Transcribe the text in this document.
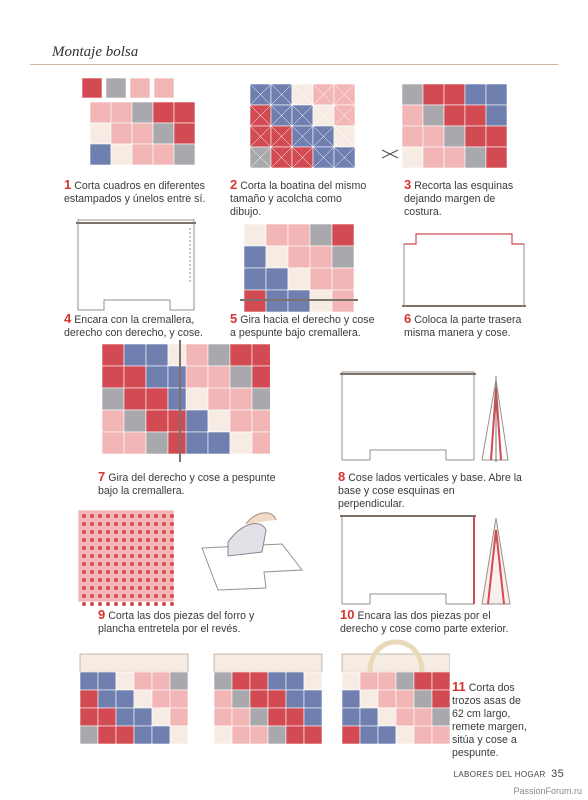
Montaje bolsa
1 Corta cuadros en diferentes estampados y únelos entre sí.
2 Corta la boatina del mismo tamaño y acolcha como dibujo.
3 Recorta las esquinas dejando margen de costura.
4 Encara con la cremallera, derecho con derecho, y cose.
5 Gira hacia el derecho y cose a pespunte bajo cremallera.
6 Coloca la parte trasera misma manera y cose.
7 Gira del derecho y cose a pespunte bajo la cremallera.
8 Cose lados verticales y base. Abre la base y cose esquinas en perpendicular.
9 Corta las dos piezas del forro y plancha entretela por el revés.
10 Encara las dos piezas por el derecho y cose como parte exterior.
11 Corta dos trozos asas de 62 cm largo, remete margen, sitúa y cose a pespunte.
LABORES DEL HOGAR 35
PassionForum.ru
